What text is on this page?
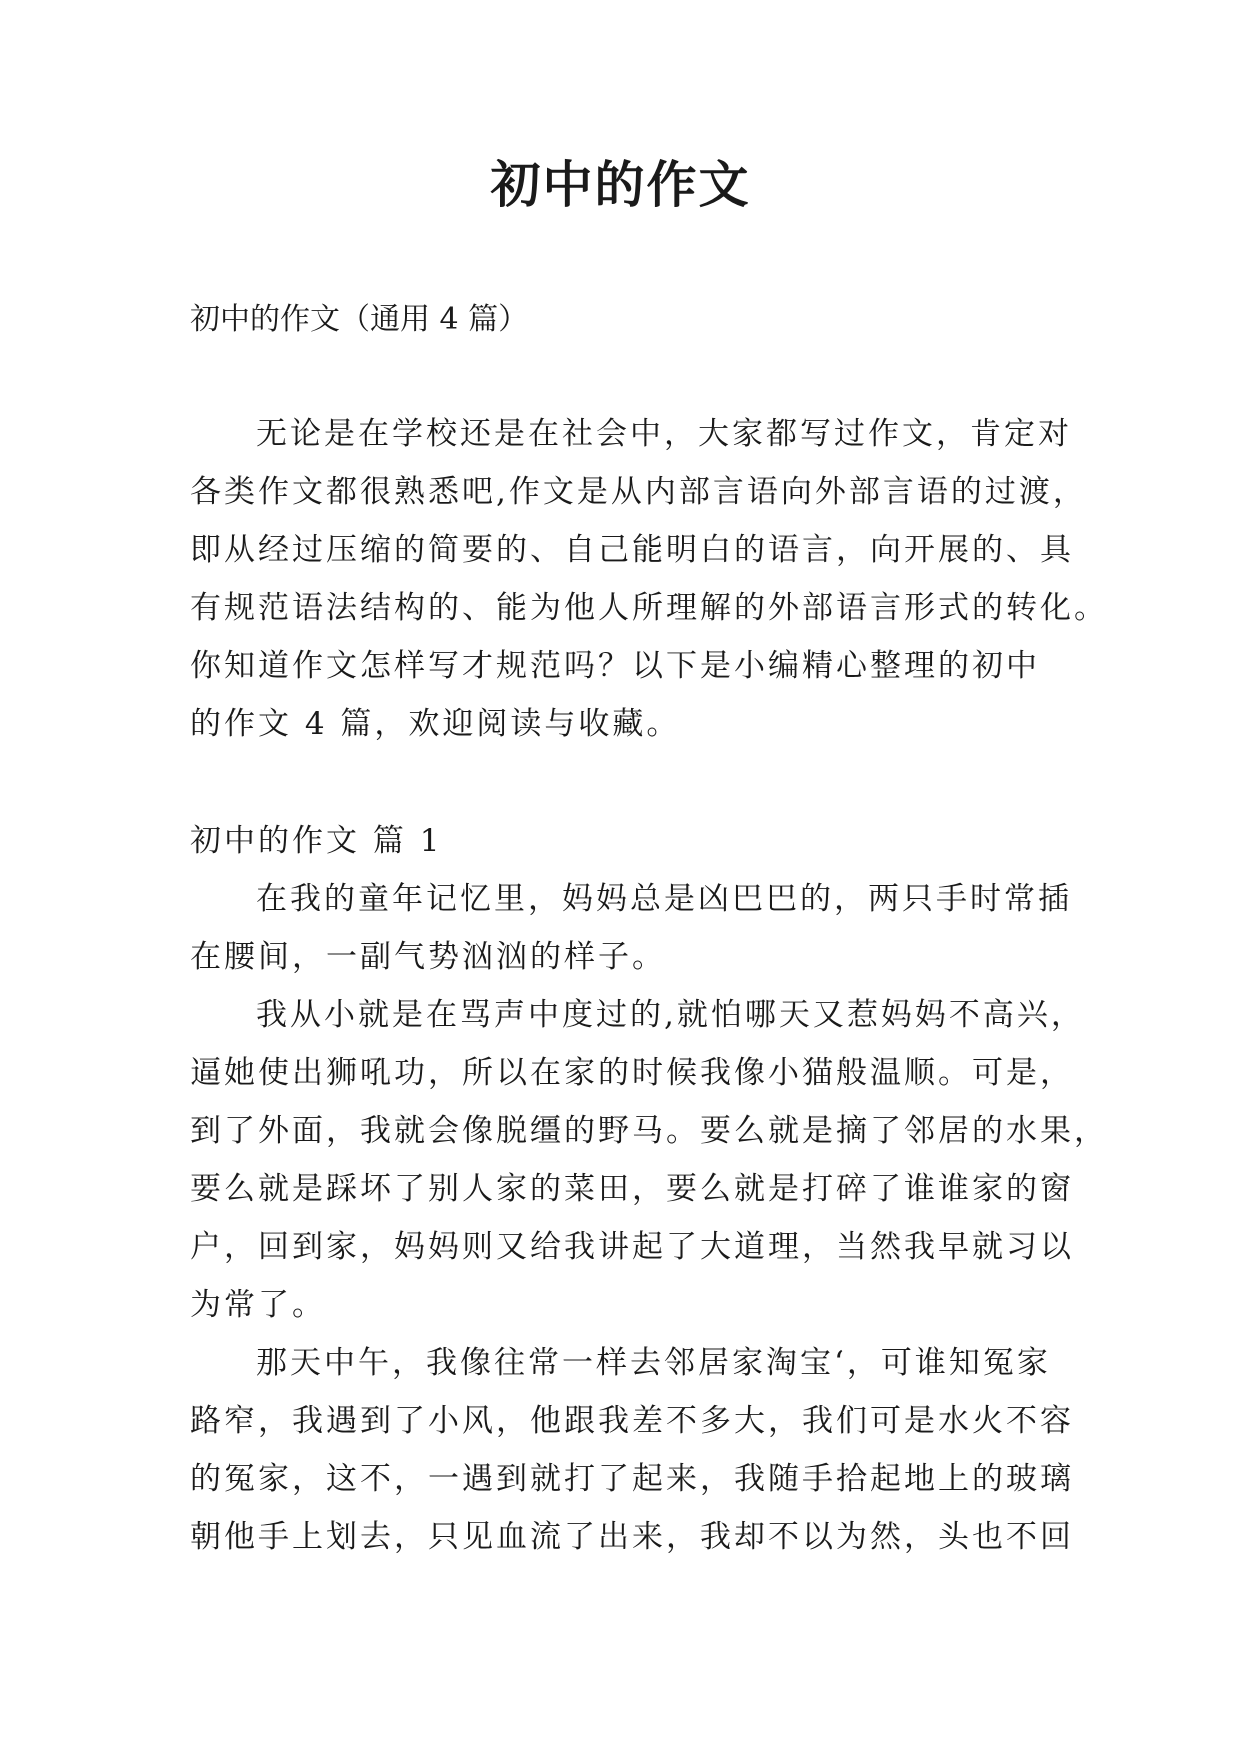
初中的作文
初中的作文（通用 4 篇）

无论是在学校还是在社会中，大家都写过作文，肯定对
各类作文都很熟悉吧,作文是从内部言语向外部言语的过渡，
即从经过压缩的简要的、自己能明白的语言，向开展的、具
有规范语法结构的、能为他人所理解的外部语言形式的转化。
你知道作文怎样写才规范吗？以下是小编精心整理的初中
的作文 4 篇，欢迎阅读与收藏。

初中的作文 篇 1

在我的童年记忆里，妈妈总是凶巴巴的，两只手时常插
在腰间，一副气势汹汹的样子。

我从小就是在骂声中度过的,就怕哪天又惹妈妈不高兴，
逼她使出狮吼功，所以在家的时候我像小猫般温顺。可是，
到了外面，我就会像脱缰的野马。要么就是摘了邻居的水果，
要么就是踩坏了别人家的菜田，要么就是打碎了谁谁家的窗
户，回到家，妈妈则又给我讲起了大道理，当然我早就习以
为常了。

那天中午，我像往常一样去邻居家淘宝‘，可谁知冤家
路窄，我遇到了小风，他跟我差不多大，我们可是水火不容
的冤家，这不，一遇到就打了起来，我随手拾起地上的玻璃
朝他手上划去，只见血流了出来，我却不以为然，头也不回
